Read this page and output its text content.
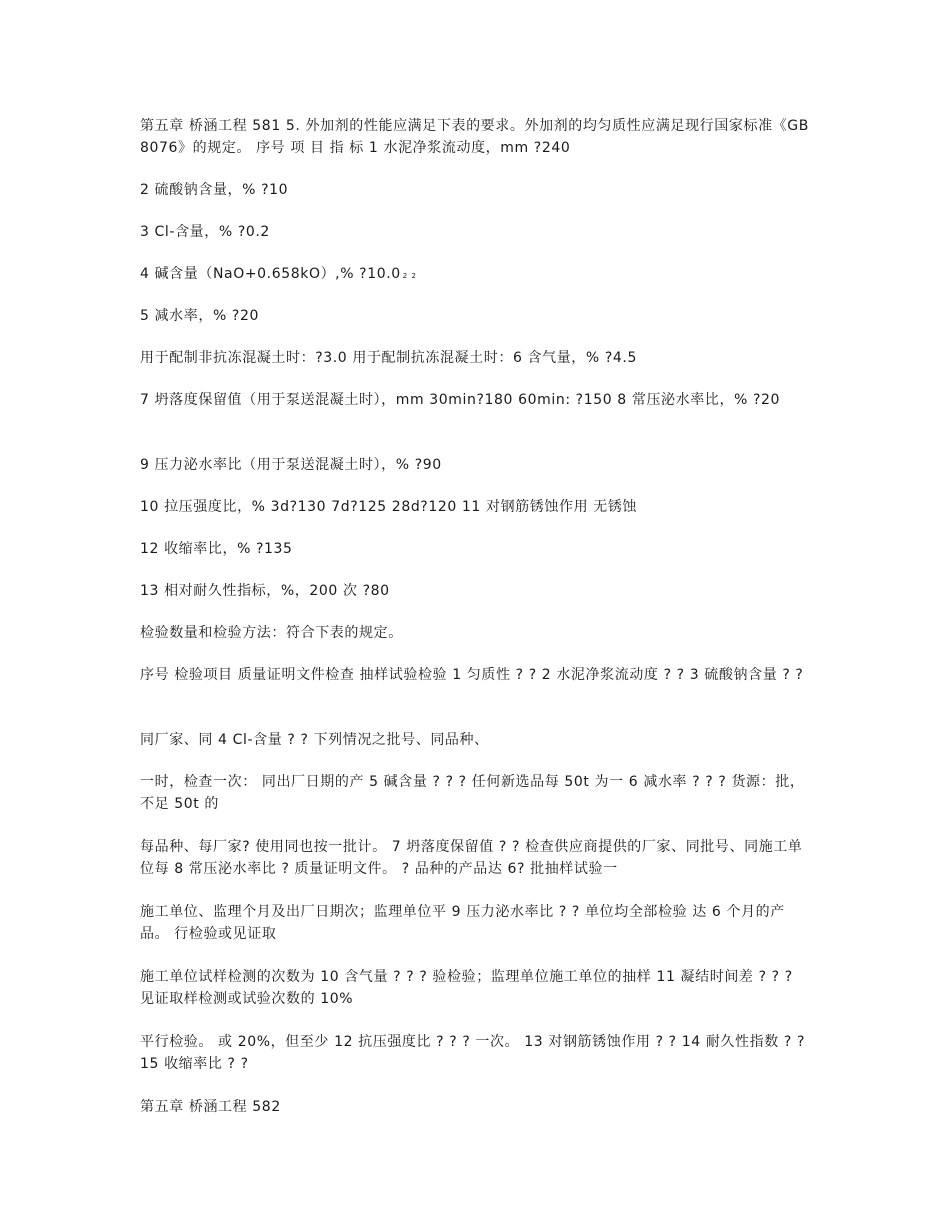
第五章 桥涵工程 581 5. 外加剂的性能应满足下表的要求。外加剂的均匀质性应满足现行国家标准《GB8076》的规定。 序号 项 目 指 标 1 水泥净浆流动度，mm ?240

2 硫酸钠含量，% ?10

3 Cl-含量，% ?0.2

4 碱含量（NaO+0.658kO）,% ?10.0 2 2

5 减水率，% ?20

用于配制非抗冻混凝土时：?3.0 用于配制抗冻混凝土时：6 含气量，% ?4.5

7 坍落度保留值（用于泵送混凝土时），mm 30min?180 60min: ?150 8 常压泌水率比，% ?20

9 压力泌水率比（用于泵送混凝土时），% ?90

10 拉压强度比，% 3d?130 7d?125 28d?120 11 对钢筋锈蚀作用 无锈蚀

12 收缩率比，% ?135

13 相对耐久性指标，%，200 次 ?80

检验数量和检验方法：符合下表的规定。

序号 检验项目 质量证明文件检查 抽样试验检验 1 匀质性 ? ? 2 水泥净浆流动度 ? ? 3 硫酸钠含量 ? ?

同厂家、同 4 Cl-含量 ? ? 下列情况之批号、同品种、

一时，检查一次： 同出厂日期的产 5 碱含量 ? ? ? 任何新选品每 50t 为一 6 减水率 ? ? ? 货源：批，不足 50t 的

每品种、每厂家? 使用同也按一批计。 7 坍落度保留值 ? ? 检查供应商提供的厂家、同批号、同施工单位每 8 常压泌水率比 ? 质量证明文件。 ? 品种的产品达 6? 批抽样试验一

施工单位、监理个月及出厂日期次；监理单位平 9 压力泌水率比 ? ? 单位均全部检验 达 6 个月的产品。 行检验或见证取

施工单位试样检测的次数为 10 含气量 ? ? ? 验检验；监理单位施工单位的抽样 11 凝结时间差 ? ? ? 见证取样检测或试验次数的 10%

平行检验。 或 20%，但至少 12 抗压强度比 ? ? ? 一次。 13 对钢筋锈蚀作用 ? ? 14 耐久性指数 ? ? 15 收缩率比 ? ?

第五章 桥涵工程 582
